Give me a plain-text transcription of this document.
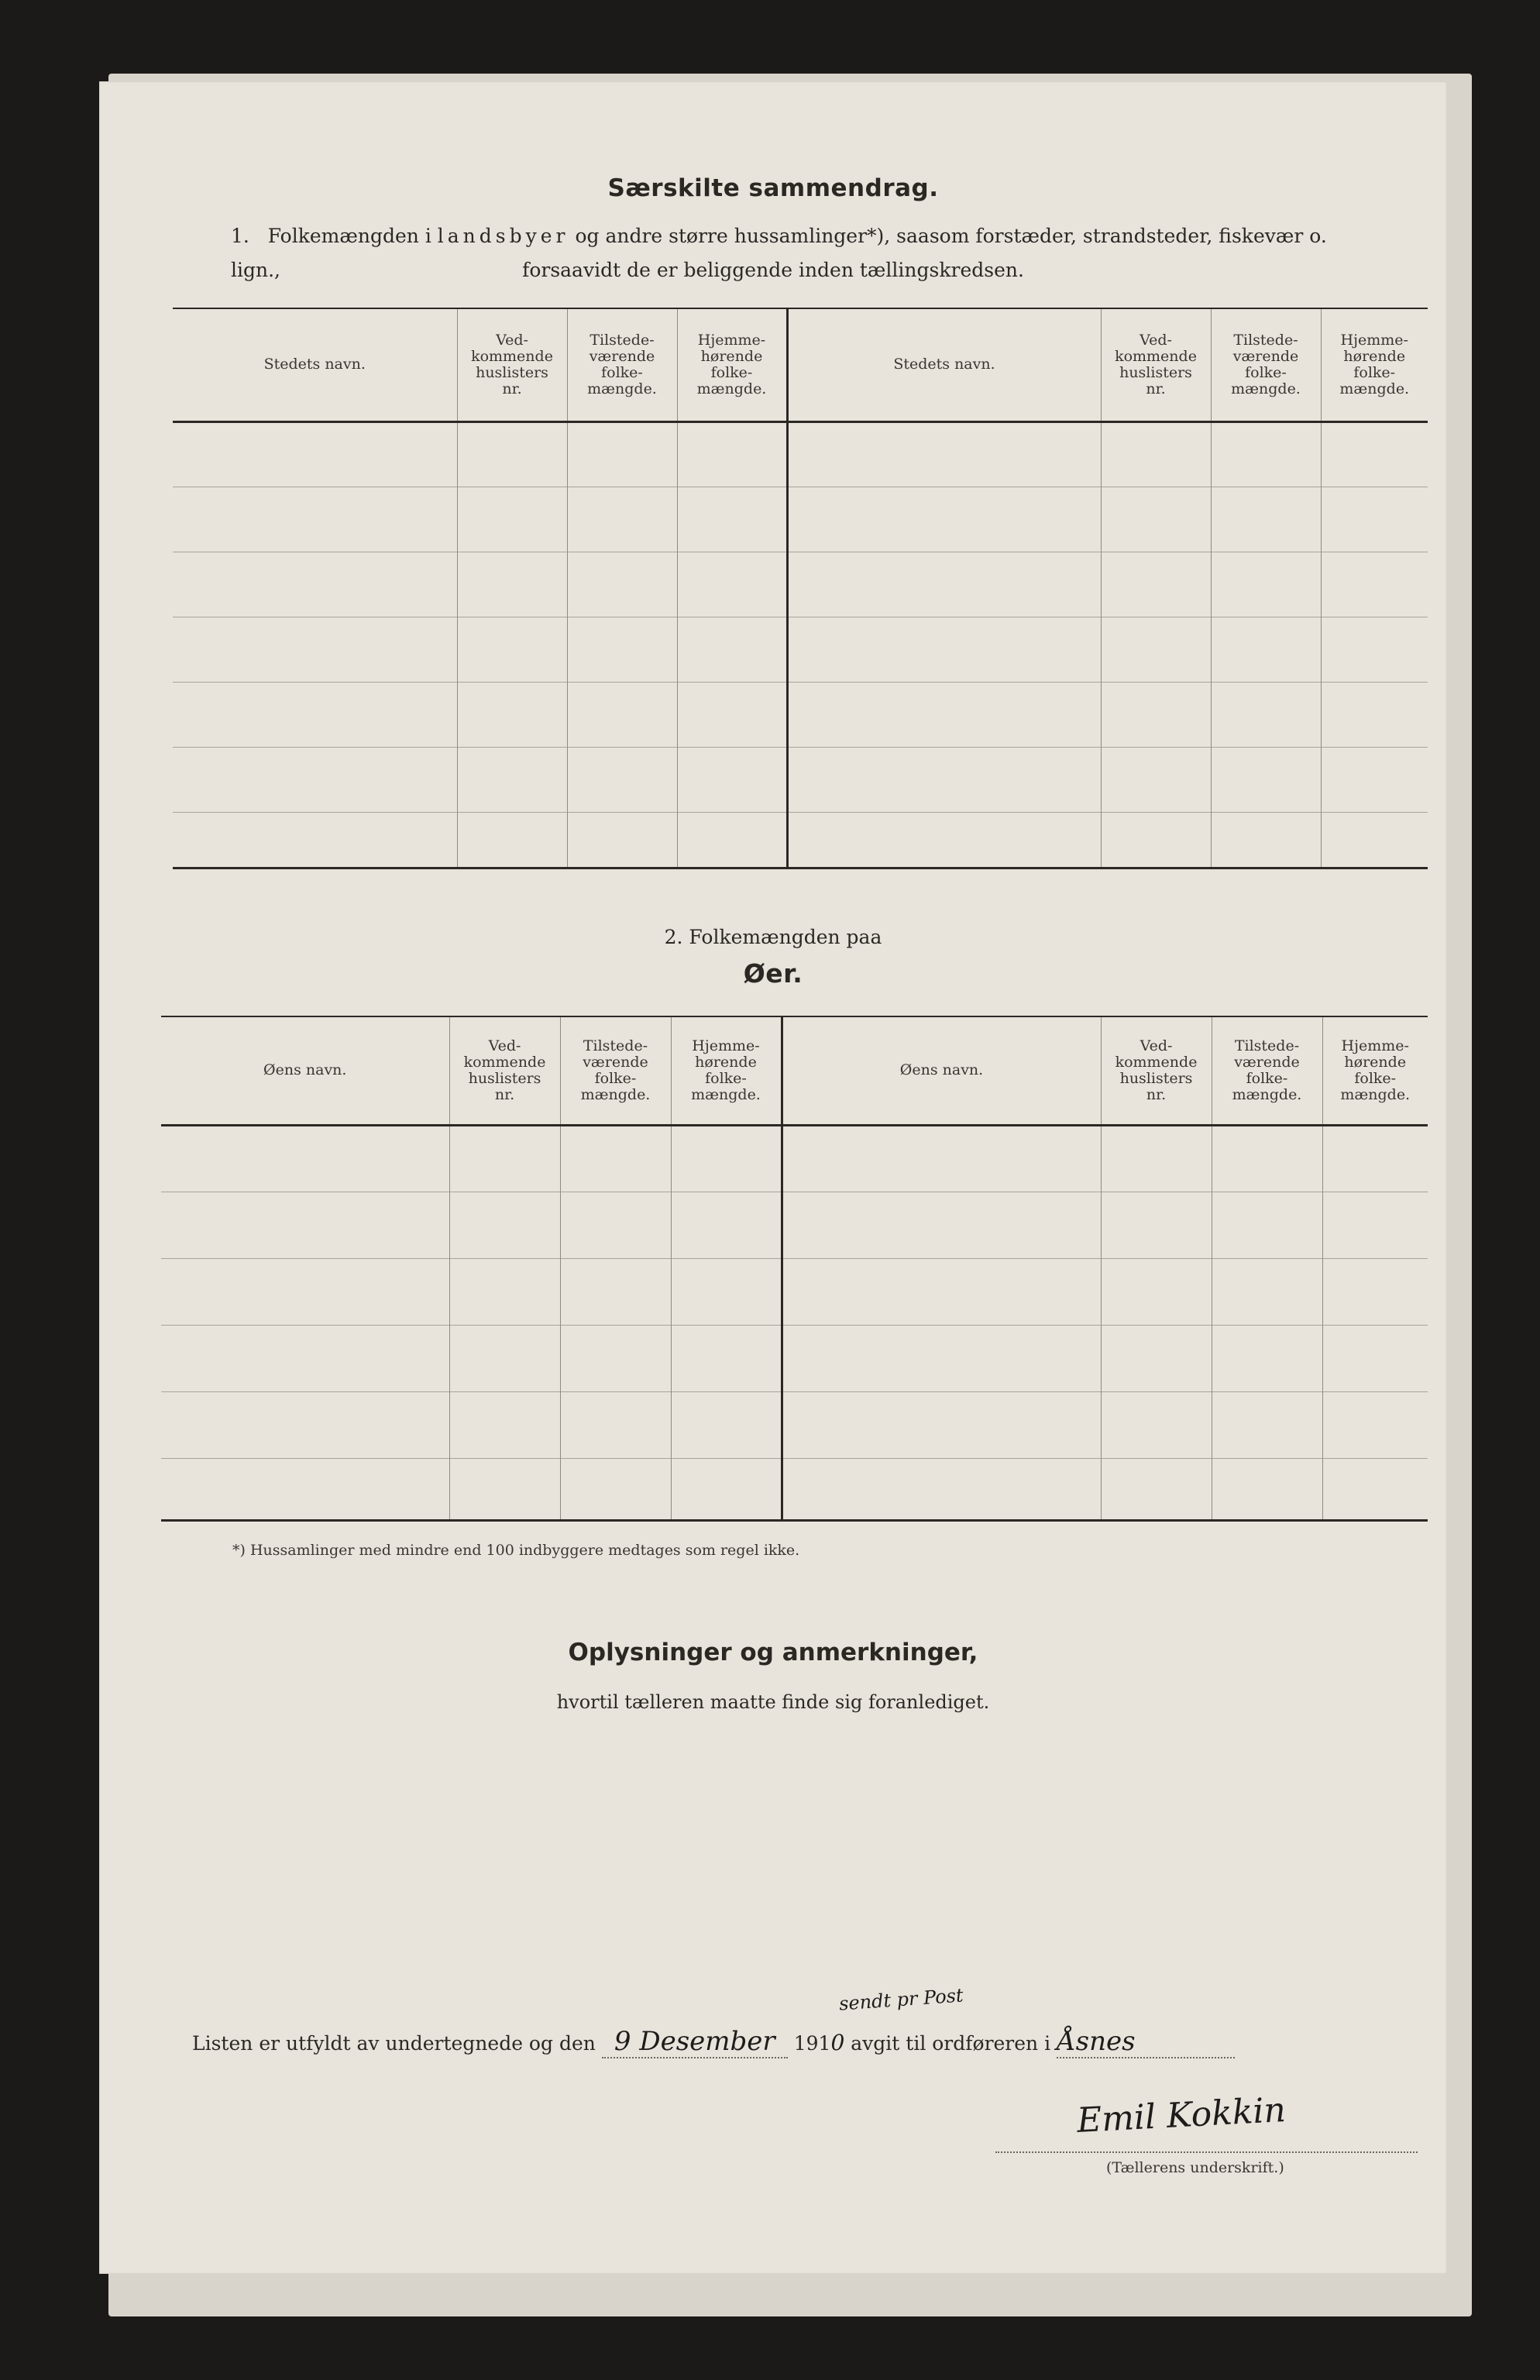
Særskilte sammendrag.
1. Folkemængden i landsbyer og andre større hussamlinger*), saasom forstæder, strandsteder, fiskevær o. lign.,	forsaavidt de er beliggende inden tællingskredsen.
Stedets navn.	Ved-
kommende
huslisters
nr.	Tilstede-
værende
folke-
mængde.	Hjemme-
hørende
folke-
mængde.	Stedets navn.	Ved-
kommende
huslisters
nr.	Tilstede-
værende
folke-
mængde.	Hjemme-
hørende
folke-
mængde.

2. Folkemængden paa
Øer.
Øens navn.	Ved-
kommende
huslisters
nr.	Tilstede-
værende
folke-
mængde.	Hjemme-
hørende
folke-
mængde.	Øens navn.	Ved-
kommende
huslisters
nr.	Tilstede-
værende
folke-
mængde.	Hjemme-
hørende
folke-
mængde.

*) Hussamlinger med mindre end 100 indbyggere medtages som regel ikke.
Oplysninger og anmerkninger,
hvortil tælleren maatte finde sig foranlediget.
Listen er utfyldt av undertegnede og den 9 Desember 1910 avgit til ordføreren i Åsnes
sendt pr Post
Emil Kokkin
(Tællerens underskrift.)
